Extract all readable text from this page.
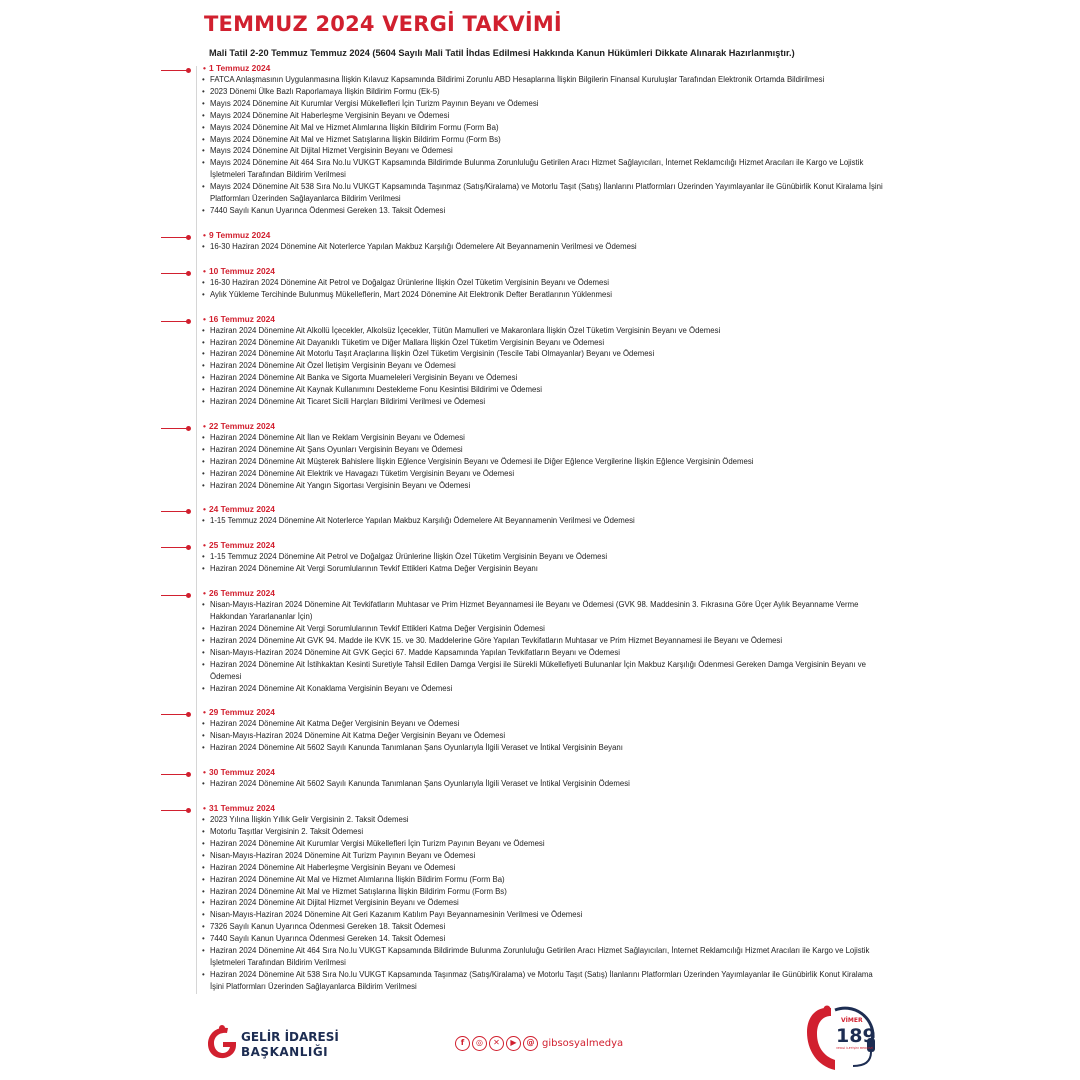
TEMMUZ 2024 VERGİ TAKVİMİ
Mali Tatil 2-20 Temmuz Temmuz 2024 (5604 Sayılı Mali Tatil İhdas Edilmesi Hakkında Kanun Hükümleri Dikkate Alınarak Hazırlanmıştır.)
• 1 Temmuz 2024
• FATCA Anlaşmasının Uygulanmasına İlişkin Kılavuz Kapsamında Bildirimi Zorunlu ABD Hesaplarına İlişkin Bilgilerin Finansal Kuruluşlar Tarafından Elektronik Ortamda Bildirilmesi
• 2023 Dönemi Ülke Bazlı Raporlamaya İlişkin Bildirim Formu (Ek-5)
• Mayıs 2024 Dönemine Ait Kurumlar Vergisi Mükellefleri İçin Turizm Payının Beyanı ve Ödemesi
• Mayıs 2024 Dönemine Ait Haberleşme Vergisinin Beyanı ve Ödemesi
• Mayıs 2024 Dönemine Ait Mal ve Hizmet Alımlarına İlişkin Bildirim Formu (Form Ba)
• Mayıs 2024 Dönemine Ait Mal ve Hizmet Satışlarına İlişkin Bildirim Formu (Form Bs)
• Mayıs 2024 Dönemine Ait Dijital Hizmet Vergisinin Beyanı ve Ödemesi
• Mayıs 2024 Dönemine Ait 464 Sıra No.lu VUKGT Kapsamında Bildirimde Bulunma Zorunluluğu Getirilen Aracı Hizmet Sağlayıcıları, İnternet Reklamcılığı Hizmet Aracıları ile Kargo ve Lojistik İşletmeleri Tarafından Bildirim Verilmesi
• Mayıs 2024 Dönemine Ait 538 Sıra No.lu VUKGT Kapsamında Taşınmaz (Satış/Kiralama) ve Motorlu Taşıt (Satış) İlanlarını Platformları Üzerinden Yayımlayanlar ile Günübirlik Konut Kiralama İşini Platformları Üzerinden Sağlayanlarca Bildirim Verilmesi
• 7440 Sayılı Kanun Uyarınca Ödenmesi Gereken 13. Taksit Ödemesi
• 9 Temmuz 2024
• 16-30 Haziran 2024 Dönemine Ait Noterlerce Yapılan Makbuz Karşılığı Ödemelere Ait Beyannamenin Verilmesi ve Ödemesi
• 10 Temmuz 2024
• 16-30 Haziran 2024 Dönemine Ait Petrol ve Doğalgaz Ürünlerine İlişkin Özel Tüketim Vergisinin Beyanı ve Ödemesi
• Aylık Yükleme Tercihinde Bulunmuş Mükelleflerin, Mart 2024 Dönemine Ait Elektronik Defter Beratlarının Yüklenmesi
• 16 Temmuz 2024
• Haziran 2024 Dönemine Ait Alkollü İçecekler, Alkolsüz İçecekler, Tütün Mamulleri ve Makaronlara İlişkin Özel Tüketim Vergisinin Beyanı ve Ödemesi
• Haziran 2024 Dönemine Ait Dayanıklı Tüketim ve Diğer Mallara İlişkin Özel Tüketim Vergisinin Beyanı ve Ödemesi
• Haziran 2024 Dönemine Ait Motorlu Taşıt Araçlarına İlişkin Özel Tüketim Vergisinin (Tescile Tabi Olmayanlar) Beyanı ve Ödemesi
• Haziran 2024 Dönemine Ait Özel İletişim Vergisinin Beyanı ve Ödemesi
• Haziran 2024 Dönemine Ait Banka ve Sigorta Muameleleri Vergisinin Beyanı ve Ödemesi
• Haziran 2024 Dönemine Ait Kaynak Kullanımını Destekleme Fonu Kesintisi Bildirimi ve Ödemesi
• Haziran 2024 Dönemine Ait Ticaret Sicili Harçları Bildirimi Verilmesi ve Ödemesi
• 22 Temmuz 2024
• Haziran 2024 Dönemine Ait İlan ve Reklam Vergisinin Beyanı ve Ödemesi
• Haziran 2024 Dönemine Ait Şans Oyunları Vergisinin Beyanı ve Ödemesi
• Haziran 2024 Dönemine Ait Müşterek Bahislere İlişkin Eğlence Vergisinin Beyanı ve Ödemesi ile Diğer Eğlence Vergilerine İlişkin Eğlence Vergisinin Ödemesi
• Haziran 2024 Dönemine Ait Elektrik ve Havagazı Tüketim Vergisinin Beyanı ve Ödemesi
• Haziran 2024 Dönemine Ait Yangın Sigortası Vergisinin Beyanı ve Ödemesi
• 24 Temmuz 2024
• 1-15 Temmuz 2024 Dönemine Ait Noterlerce Yapılan Makbuz Karşılığı Ödemelere Ait Beyannamenin Verilmesi ve Ödemesi
• 25 Temmuz 2024
• 1-15 Temmuz 2024 Dönemine Ait Petrol ve Doğalgaz Ürünlerine İlişkin Özel Tüketim Vergisinin Beyanı ve Ödemesi
• Haziran 2024 Dönemine Ait Vergi Sorumlularının Tevkif Ettikleri Katma Değer Vergisinin Beyanı
• 26 Temmuz 2024
• Nisan-Mayıs-Haziran 2024 Dönemine Ait Tevkifatların Muhtasar ve Prim Hizmet Beyannamesi ile Beyanı ve Ödemesi (GVK 98. Maddesinin 3. Fıkrasına Göre Üçer Aylık Beyanname Verme Hakkından Yararlananlar İçin)
• Haziran 2024 Dönemine Ait Vergi Sorumlularının Tevkif Ettikleri Katma Değer Vergisinin Ödemesi
• Haziran 2024 Dönemine Ait GVK 94. Madde ile KVK 15. ve 30. Maddelerine Göre Yapılan Tevkifatların Muhtasar ve Prim Hizmet Beyannamesi ile Beyanı ve Ödemesi
• Nisan-Mayıs-Haziran 2024 Dönemine Ait GVK Geçici 67. Madde Kapsamında Yapılan Tevkifatların Beyanı ve Ödemesi
• Haziran 2024 Dönemine Ait İstihkaktan Kesinti Suretiyle Tahsil Edilen Damga Vergisi ile Sürekli Mükellefiyeti Bulunanlar İçin Makbuz Karşılığı Ödenmesi Gereken Damga Vergisinin Beyanı ve Ödemesi
• Haziran 2024 Dönemine Ait Konaklama Vergisinin Beyanı ve Ödemesi
• 29 Temmuz 2024
• Haziran 2024 Dönemine Ait Katma Değer Vergisinin Beyanı ve Ödemesi
• Nisan-Mayıs-Haziran 2024 Dönemine Ait Katma Değer Vergisinin Beyanı ve Ödemesi
• Haziran 2024 Dönemine Ait 5602 Sayılı Kanunda Tanımlanan Şans Oyunlarıyla İlgili Veraset ve İntikal Vergisinin Beyanı
• 30 Temmuz 2024
• Haziran 2024 Dönemine Ait 5602 Sayılı Kanunda Tanımlanan Şans Oyunlarıyla İlgili Veraset ve İntikal Vergisinin Ödemesi
• 31 Temmuz 2024
• 2023 Yılına İlişkin Yıllık Gelir Vergisinin 2. Taksit Ödemesi
• Motorlu Taşıtlar Vergisinin 2. Taksit Ödemesi
• Haziran 2024 Dönemine Ait Kurumlar Vergisi Mükellefleri İçin Turizm Payının Beyanı ve Ödemesi
• Nisan-Mayıs-Haziran 2024 Dönemine Ait Turizm Payının Beyanı ve Ödemesi
• Haziran 2024 Dönemine Ait Haberleşme Vergisinin Beyanı ve Ödemesi
• Haziran 2024 Dönemine Ait Mal ve Hizmet Alımlarına İlişkin Bildirim Formu (Form Ba)
• Haziran 2024 Dönemine Ait Mal ve Hizmet Satışlarına İlişkin Bildirim Formu (Form Bs)
• Haziran 2024 Dönemine Ait Dijital Hizmet Vergisinin Beyanı ve Ödemesi
• Nisan-Mayıs-Haziran 2024 Dönemine Ait Geri Kazanım Katılım Payı Beyannamesinin Verilmesi ve Ödemesi
• 7326 Sayılı Kanun Uyarınca Ödenmesi Gereken 18. Taksit Ödemesi
• 7440 Sayılı Kanun Uyarınca Ödenmesi Gereken 14. Taksit Ödemesi
• Haziran 2024 Dönemine Ait 464 Sıra No.lu VUKGT Kapsamında Bildirimde Bulunma Zorunluluğu Getirilen Aracı Hizmet Sağlayıcıları, İnternet Reklamcılığı Hizmet Aracıları ile Kargo ve Lojistik İşletmeleri Tarafından Bildirim Verilmesi
• Haziran 2024 Dönemine Ait 538 Sıra No.lu VUKGT Kapsamında Taşınmaz (Satış/Kiralama) ve Motorlu Taşıt (Satış) İlanlarını Platformları Üzerinden Yayımlayanlar ile Günübirlik Konut Kiralama İşini Platformları Üzerinden Sağlayanlarca Bildirim Verilmesi
GELİR İDARESİ
BAŞKANLIĞI
f	◎	✕	▶	@ gibsosyalmedya
VİMER
189
VERGİ İLETİŞİM MERKEZİ
